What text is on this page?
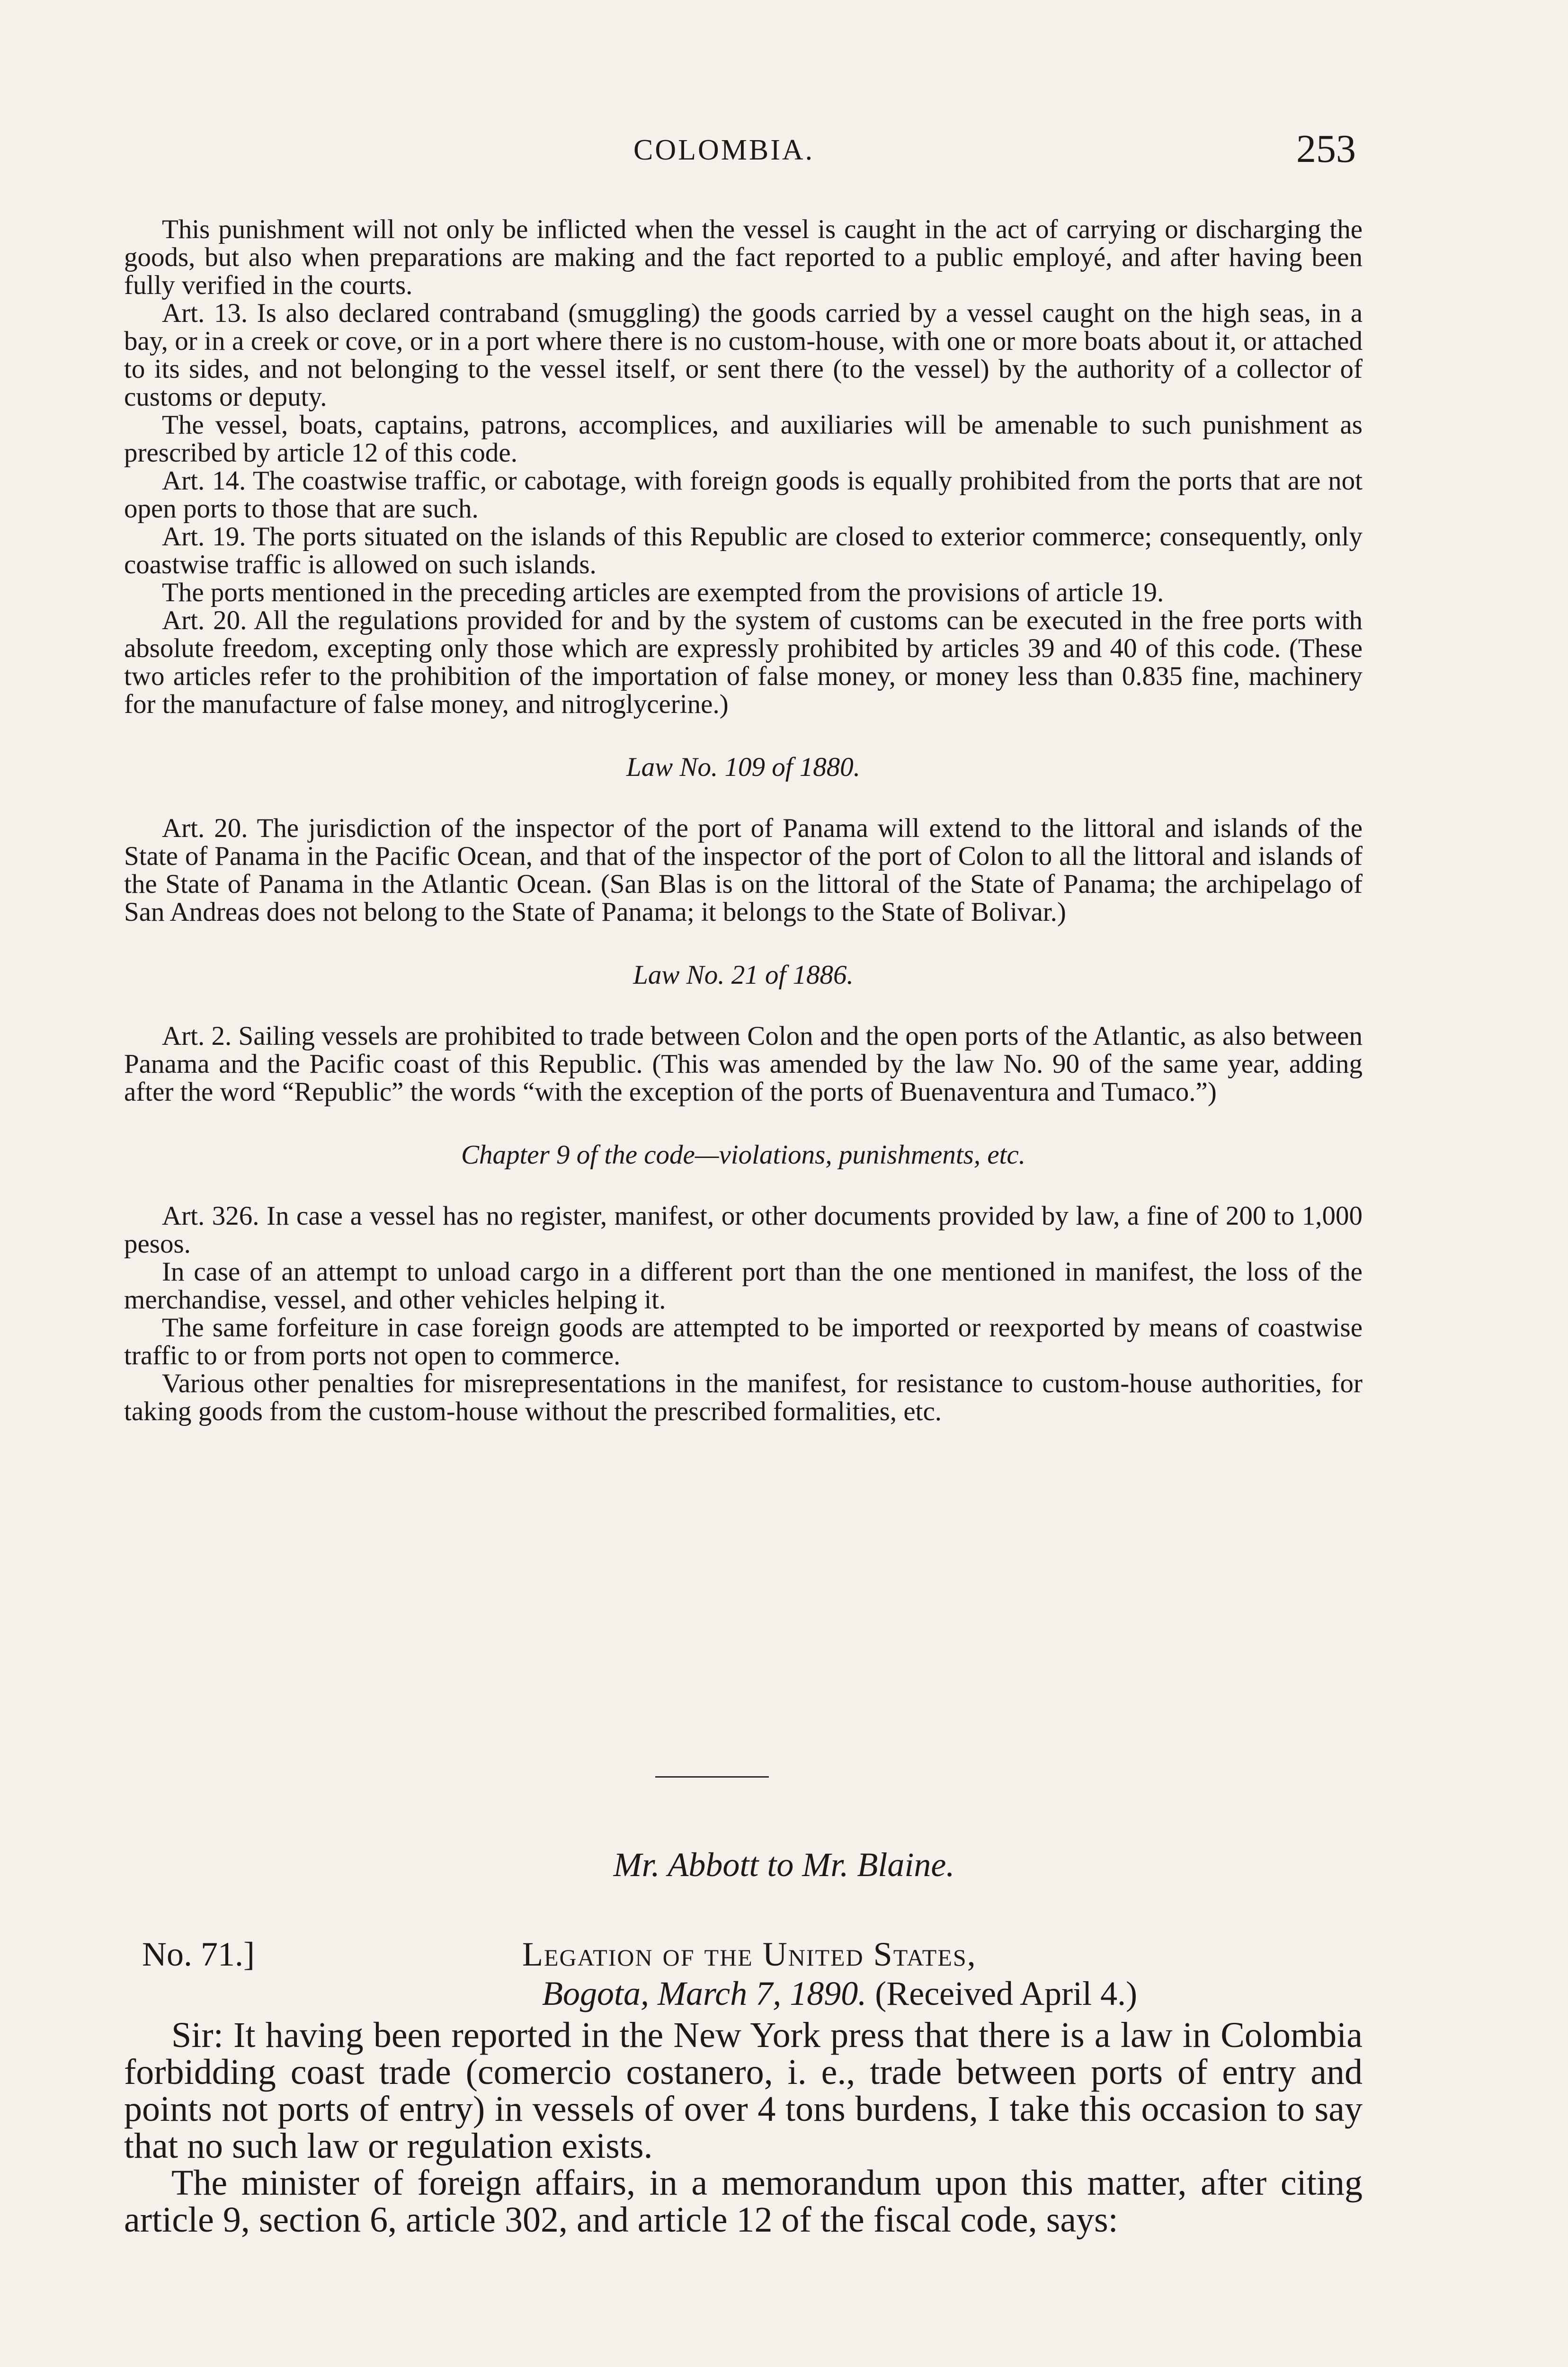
COLOMBIA.	253

This punishment will not only be inflicted when the vessel is caught in the act of carrying or discharging the goods, but also when preparations are making and the fact reported to a public employé, and after having been fully verified in the courts.

Art. 13. Is also declared contraband (smuggling) the goods carried by a vessel caught on the high seas, in a bay, or in a creek or cove, or in a port where there is no custom-house, with one or more boats about it, or attached to its sides, and not belonging to the vessel itself, or sent there (to the vessel) by the authority of a collector of customs or deputy.

The vessel, boats, captains, patrons, accomplices, and auxiliaries will be amenable to such punishment as prescribed by article 12 of this code.

Art. 14. The coastwise traffic, or cabotage, with foreign goods is equally prohibited from the ports that are not open ports to those that are such.

Art. 19. The ports situated on the islands of this Republic are closed to exterior commerce; consequently, only coastwise traffic is allowed on such islands.

The ports mentioned in the preceding articles are exempted from the provisions of article 19.

Art. 20. All the regulations provided for and by the system of customs can be executed in the free ports with absolute freedom, excepting only those which are expressly prohibited by articles 39 and 40 of this code. (These two articles refer to the prohibition of the importation of false money, or money less than 0.835 fine, machinery for the manufacture of false money, and nitroglycerine.)

Law No. 109 of 1880.

Art. 20. The jurisdiction of the inspector of the port of Panama will extend to the littoral and islands of the State of Panama in the Pacific Ocean, and that of the inspector of the port of Colon to all the littoral and islands of the State of Panama in the Atlantic Ocean. (San Blas is on the littoral of the State of Panama; the archipelago of San Andreas does not belong to the State of Panama; it belongs to the State of Bolivar.)

Law No. 21 of 1886.

Art. 2. Sailing vessels are prohibited to trade between Colon and the open ports of the Atlantic, as also between Panama and the Pacific coast of this Republic. (This was amended by the law No. 90 of the same year, adding after the word “Republic” the words “with the exception of the ports of Buenaventura and Tumaco.”)

Chapter 9 of the code—violations, punishments, etc.

Art. 326. In case a vessel has no register, manifest, or other documents provided by law, a fine of 200 to 1,000 pesos.

In case of an attempt to unload cargo in a different port than the one mentioned in manifest, the loss of the merchandise, vessel, and other vehicles helping it.

The same forfeiture in case foreign goods are attempted to be imported or reexported by means of coastwise traffic to or from ports not open to commerce.

Various other penalties for misrepresentations in the manifest, for resistance to custom-house authorities, for taking goods from the custom-house without the prescribed formalities, etc.

Mr. Abbott to Mr. Blaine.
No. 71.]	Legation of the United States,
Bogota, March 7, 1890. (Received April 4.)

Sir: It having been reported in the New York press that there is a law in Colombia forbidding coast trade (comercio costanero, i. e., trade between ports of entry and points not ports of entry) in vessels of over 4 tons burdens, I take this occasion to say that no such law or regulation exists.

The minister of foreign affairs, in a memorandum upon this matter, after citing article 9, section 6, article 302, and article 12 of the fiscal code, says:
